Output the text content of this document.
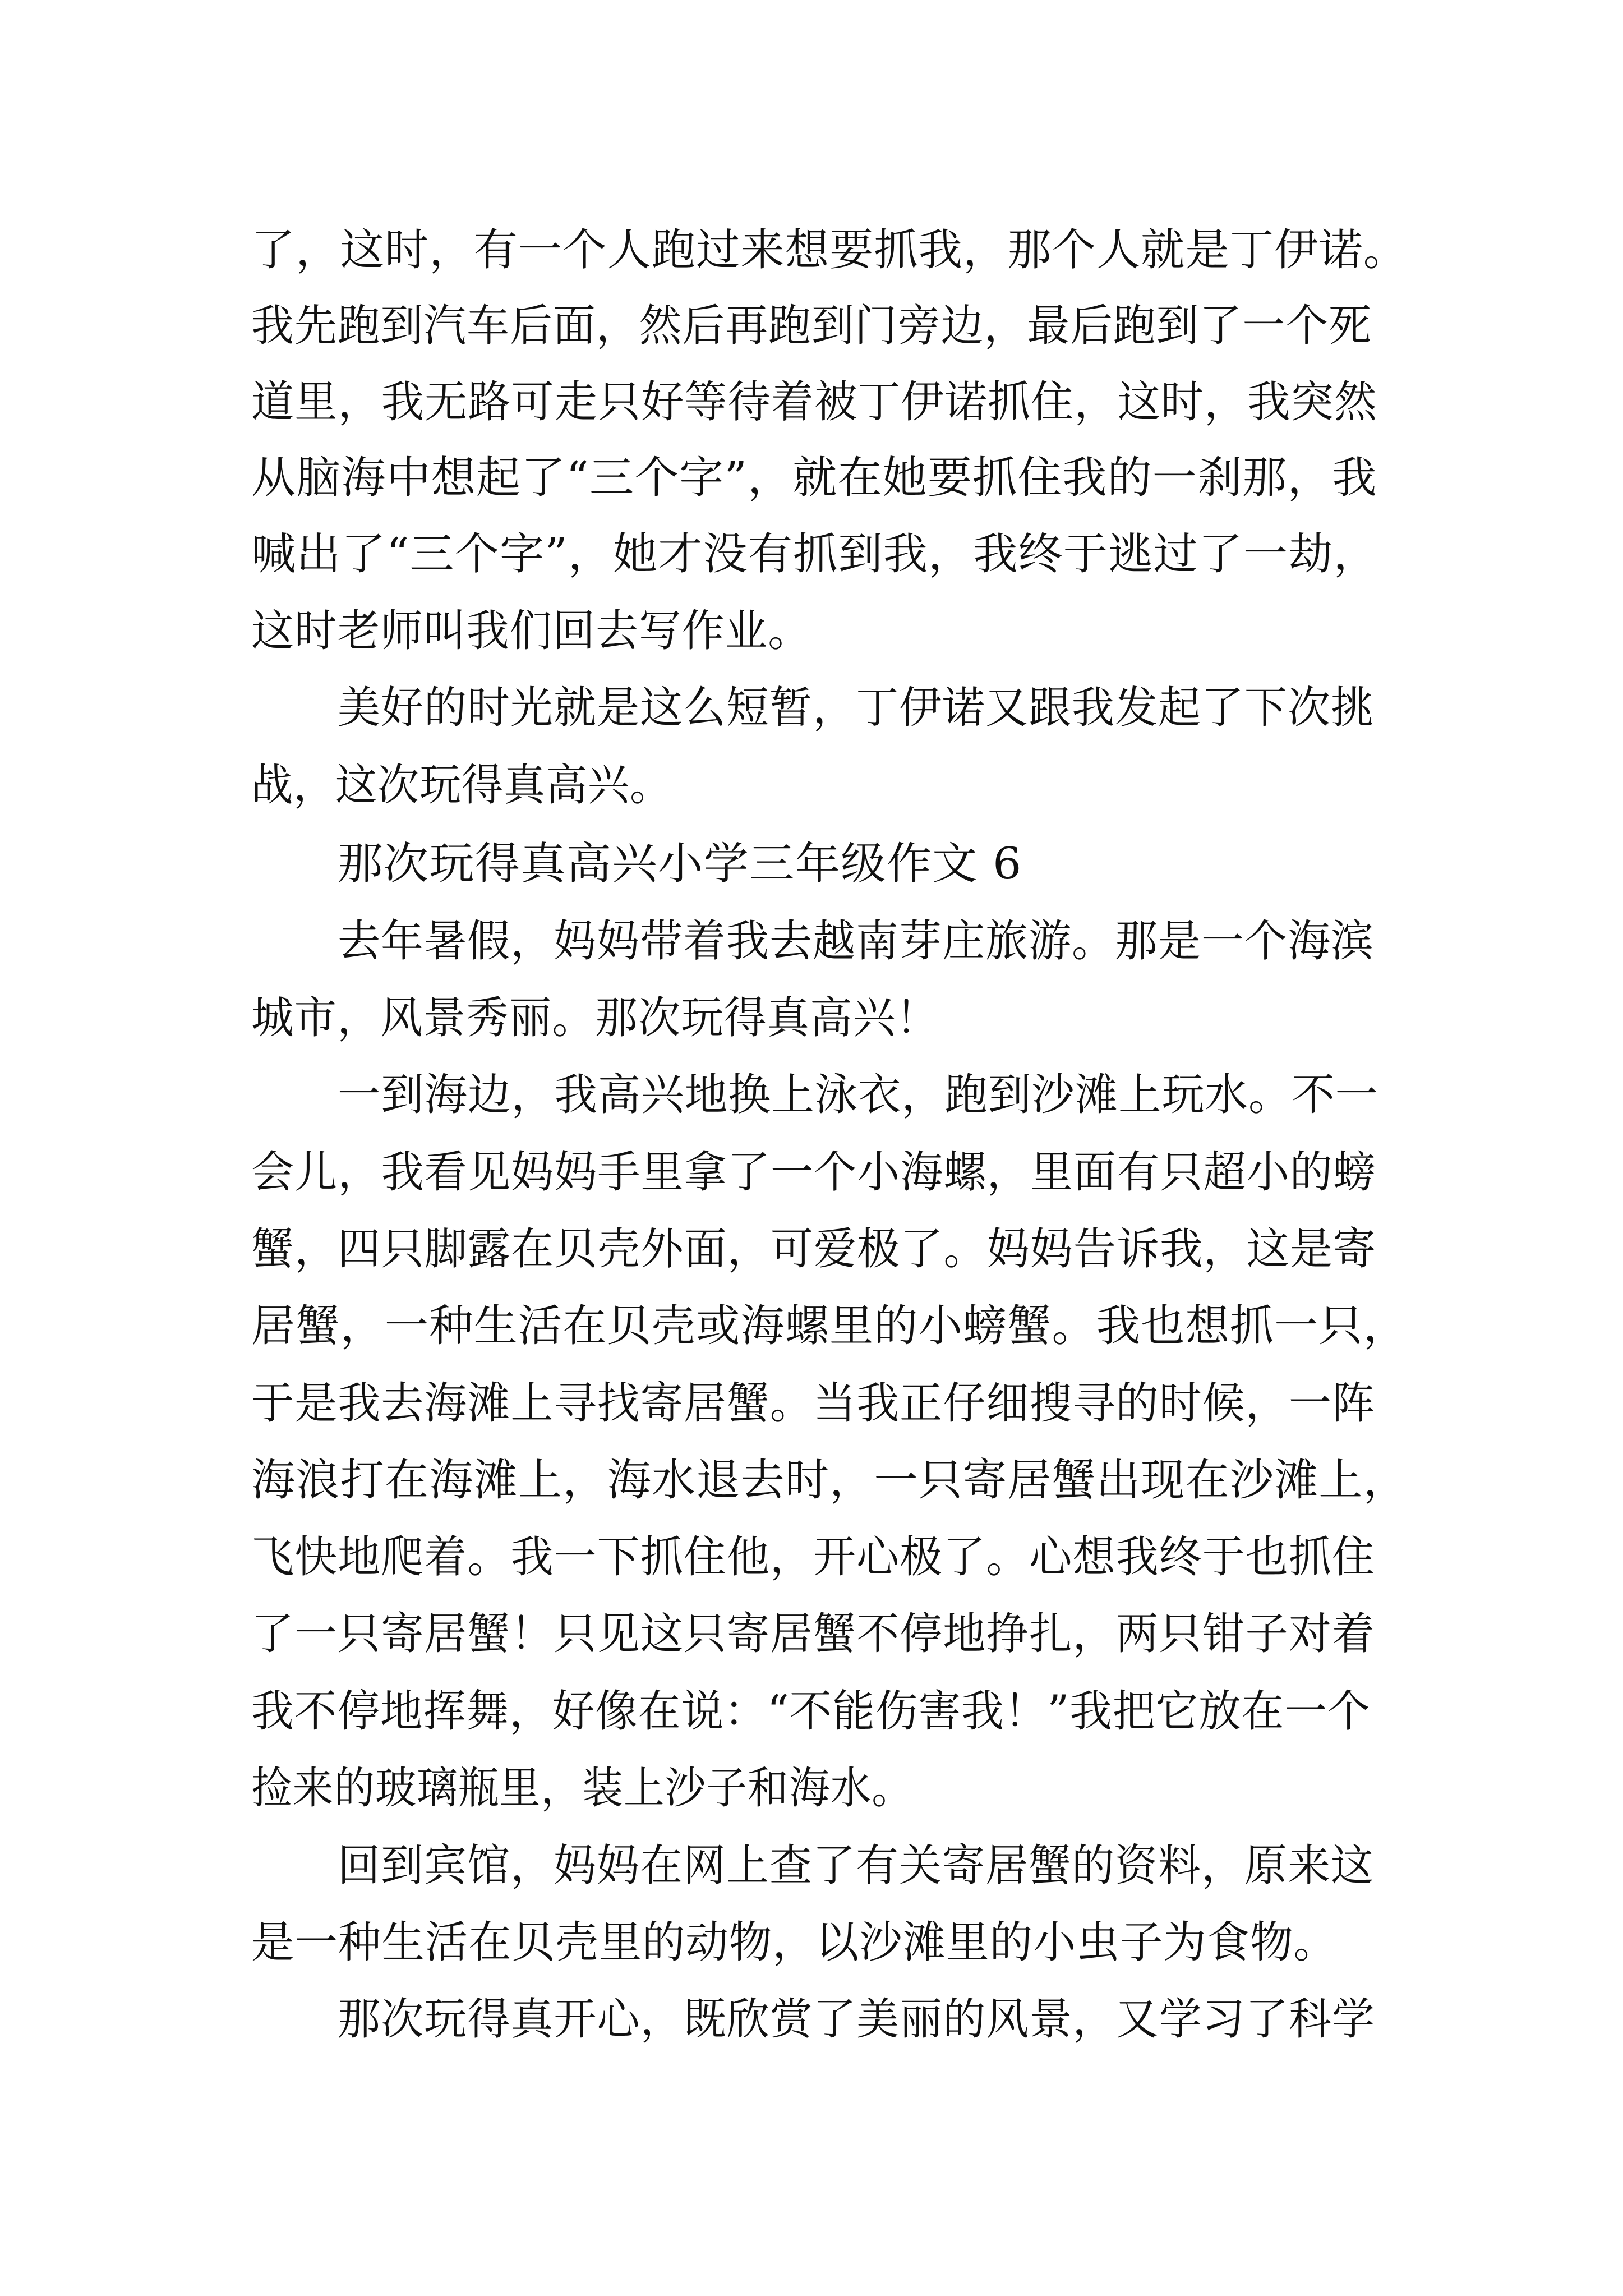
了，这时，有一个人跑过来想要抓我，那个人就是丁伊诺。
我先跑到汽车后面，然后再跑到门旁边，最后跑到了一个死
道里，我无路可走只好等待着被丁伊诺抓住，这时，我突然
从脑海中想起了“三个字”，就在她要抓住我的一刹那，我
喊出了“三个字”，她才没有抓到我，我终于逃过了一劫，
这时老师叫我们回去写作业。
美好的时光就是这么短暂，丁伊诺又跟我发起了下次挑
战，这次玩得真高兴。
那次玩得真高兴小学三年级作文 6
去年暑假，妈妈带着我去越南芽庄旅游。那是一个海滨
城市，风景秀丽。那次玩得真高兴！
一到海边，我高兴地换上泳衣，跑到沙滩上玩水。不一
会儿，我看见妈妈手里拿了一个小海螺，里面有只超小的螃
蟹，四只脚露在贝壳外面，可爱极了。妈妈告诉我，这是寄
居蟹，一种生活在贝壳或海螺里的小螃蟹。我也想抓一只，
于是我去海滩上寻找寄居蟹。当我正仔细搜寻的时候，一阵
海浪打在海滩上，海水退去时，一只寄居蟹出现在沙滩上，
飞快地爬着。我一下抓住他，开心极了。心想我终于也抓住
了一只寄居蟹！只见这只寄居蟹不停地挣扎，两只钳子对着
我不停地挥舞，好像在说：“不能伤害我！”我把它放在一个
捡来的玻璃瓶里，装上沙子和海水。
回到宾馆，妈妈在网上查了有关寄居蟹的资料，原来这
是一种生活在贝壳里的动物，以沙滩里的小虫子为食物。
那次玩得真开心，既欣赏了美丽的风景，又学习了科学
